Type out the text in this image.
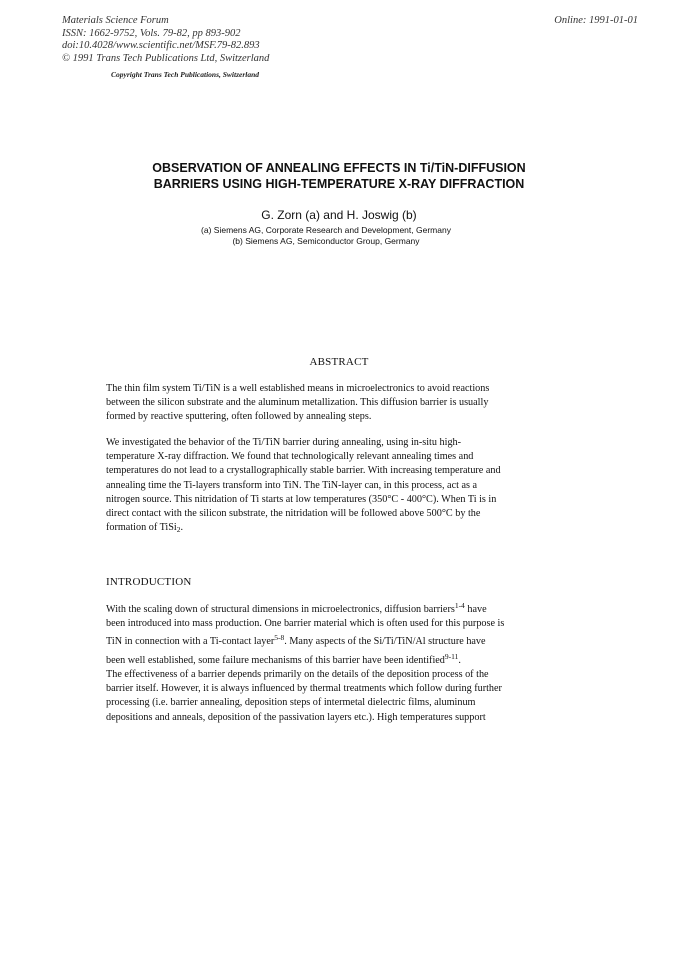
Materials Science Forum
ISSN: 1662-9752, Vols. 79-82, pp 893-902
doi:10.4028/www.scientific.net/MSF.79-82.893
© 1991 Trans Tech Publications Ltd, Switzerland
Online: 1991-01-01
Copyright Trans Tech Publications, Switzerland
OBSERVATION OF ANNEALING EFFECTS IN Ti/TiN-DIFFUSION
BARRIERS USING HIGH-TEMPERATURE X-RAY DIFFRACTION
G. Zorn (a) and H. Joswig (b)
(a) Siemens AG, Corporate Research and Development, Germany
(b) Siemens AG, Semiconductor Group, Germany
ABSTRACT
The thin film system Ti/TiN is a well established means in microelectronics to avoid reactions
between the silicon substrate and the aluminum metallization. This diffusion barrier is usually
formed by reactive sputtering, often followed by annealing steps.
We investigated the behavior of the Ti/TiN barrier during annealing, using in-situ high-
temperature X-ray diffraction. We found that technologically relevant annealing times and
temperatures do not lead to a crystallographically stable barrier. With increasing temperature and
annealing time the Ti-layers transform into TiN. The TiN-layer can, in this process, act as a
nitrogen source. This nitridation of Ti starts at low temperatures (350°C - 400°C). When Ti is in
direct contact with the silicon substrate, the nitridation will be followed above 500°C by the
formation of TiSi$_2$.
INTRODUCTION
With the scaling down of structural dimensions in microelectronics, diffusion barriers$^{1-4}$ have
been introduced into mass production. One barrier material which is often used for this purpose is
TiN in connection with a Ti-contact layer$^{5-8}$. Many aspects of the Si/Ti/TiN/Al structure have
been well established, some failure mechanisms of this barrier have been identified$^{9-11}$.
The effectiveness of a barrier depends primarily on the details of the deposition process of the
barrier itself. However, it is always influenced by thermal treatments which follow during further
processing (i.e. barrier annealing, deposition steps of intermetal dielectric films, aluminum
depositions and anneals, deposition of the passivation layers etc.). High temperatures support
